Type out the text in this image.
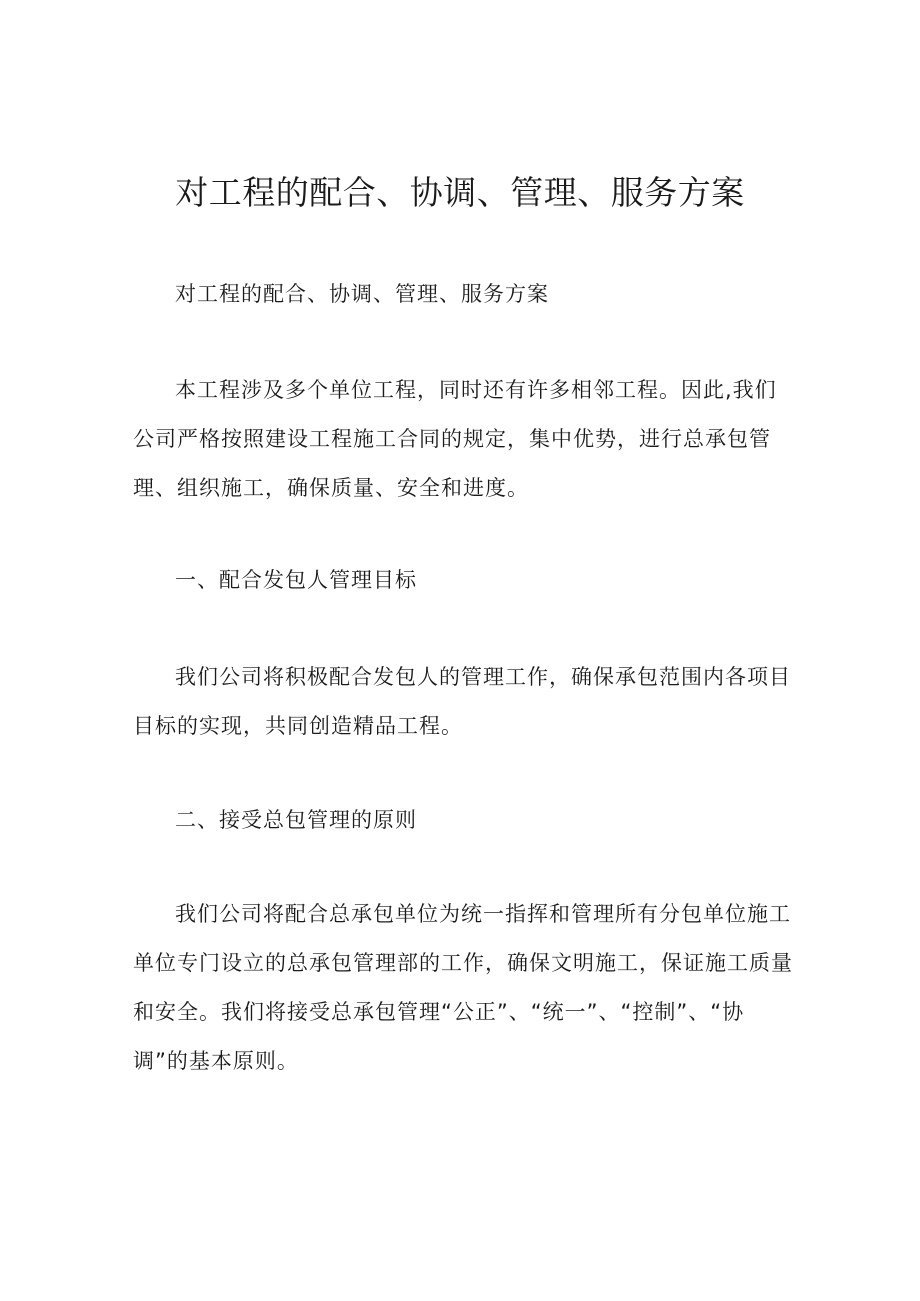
对工程的配合、协调、管理、服务方案

对工程的配合、协调、管理、服务方案

本工程涉及多个单位工程，同时还有许多相邻工程。因此,我们公司严格按照建设工程施工合同的规定，集中优势，进行总承包管理、组织施工，确保质量、安全和进度。

一、配合发包人管理目标

我们公司将积极配合发包人的管理工作，确保承包范围内各项目目标的实现，共同创造精品工程。

二、接受总包管理的原则

我们公司将配合总承包单位为统一指挥和管理所有分包单位施工单位专门设立的总承包管理部的工作，确保文明施工，保证施工质量和安全。我们将接受总承包管理“公正”、“统一”、“控制”、“协调”的基本原则。
